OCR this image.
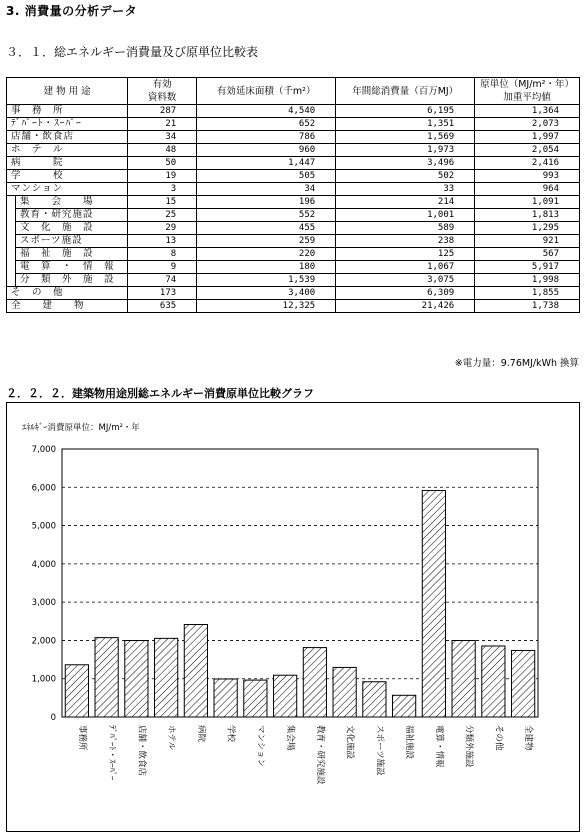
3. 消費量の分析データ
３．１．総エネルギー消費量及び原単位比較表
建 物 用 途		有効
資料数	有効延床面積（千m²）	年間総消費量（百万MJ）	原単位（MJ/m²・年）
加重平均値
事　務　所		287	4,540	6,195	1,364
ﾃﾞﾊﾟｰﾄ・ｽｰﾊﾟｰ		21	652	1,351	2,073
店舗・飲食店		34	786	1,569	1,997
ホ　テ　ル		48	960	1,973	2,054
病　　　院		50	1,447	3,496	2,416
学　　　校		19	505	502	993
マンション		3	34	33	964
	集　　会　　場	15	196	214	1,091
	教育・研究施設	25	552	1,001	1,813
	文　化　施　設	29	455	589	1,295
	スポーツ施設	13	259	238	921
	福　祉　施　設	8	220	125	567
	電　算　・　情　報	9	180	1,067	5,917
	分　類　外　施　設	74	1,539	3,075	1,998
そ　の　他		173	3,400	6,309	1,855
全　　建　　物		635	12,325	21,426	1,738
※電力量：9.76MJ/kWh 換算
２．２．２．建築物用途別総エネルギー消費原単位比較グラフ
ｴﾈﾙｷﾞｰ消費原単位：MJ/m²・年
0
1,000
2,000
3,000
4,000
5,000
6,000
7,000
事務所 ﾃﾞﾊﾟｰﾄ・ｽｰﾊﾟｰ 店舗・飲食店 ホテル 病院 学校 マンション 集会場 教育・研究施設 文化施設 スポーツ施設 福祉施設 電算・情報 分類外施設 その他 全建物
